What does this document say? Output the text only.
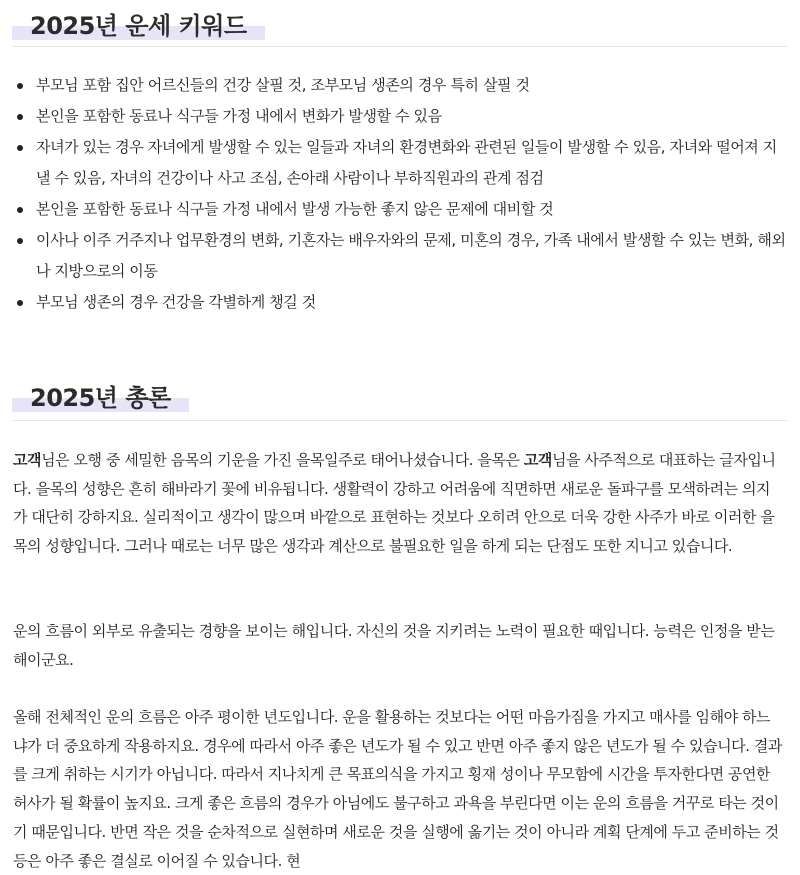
2025년 운세 키워드
부모님 포함 집안 어르신들의 건강 살필 것, 조부모님 생존의 경우 특히 살필 것
본인을 포함한 동료나 식구들 가정 내에서 변화가 발생할 수 있음
자녀가 있는 경우 자녀에게 발생할 수 있는 일들과 자녀의 환경변화와 관련된 일들이 발생할 수 있음, 자녀와 떨어져 지낼 수 있음, 자녀의 건강이나 사고 조심, 손아래 사람이나 부하직원과의 관계 점검
본인을 포함한 동료나 식구들 가정 내에서 발생 가능한 좋지 않은 문제에 대비할 것
이사나 이주 거주지나 업무환경의 변화, 기혼자는 배우자와의 문제, 미혼의 경우, 가족 내에서 발생할 수 있는 변화, 해외나 지방으로의 이동
부모님 생존의 경우 건강을 각별하게 챙길 것
2025년 총론

고객님은 오행 중 세밀한 음목의 기운을 가진 을목일주로 태어나셨습니다. 을목은 고객님을 사주적으로 대표하는 글자입니다. 을목의 성향은 흔히 해바라기 꽃에 비유됩니다. 생활력이 강하고 어려움에 직면하면 새로운 돌파구를 모색하려는 의지가 대단히 강하지요. 실리적이고 생각이 많으며 바깥으로 표현하는 것보다 오히려 안으로 더욱 강한 사주가 바로 이러한 을목의 성향입니다. 그러나 때로는 너무 많은 생각과 계산으로 불필요한 일을 하게 되는 단점도 또한 지니고 있습니다.

운의 흐름이 외부로 유출되는 경향을 보이는 해입니다. 자신의 것을 지키려는 노력이 필요한 때입니다. 능력은 인정을 받는 해이군요.

올해 전체적인 운의 흐름은 아주 평이한 년도입니다. 운을 활용하는 것보다는 어떤 마음가짐을 가지고 매사를 임해야 하느냐가 더 중요하게 작용하지요. 경우에 따라서 아주 좋은 년도가 될 수 있고 반면 아주 좋지 않은 년도가 될 수 있습니다. 결과를 크게 취하는 시기가 아닙니다. 따라서 지나치게 큰 목표의식을 가지고 횡재 성이나 무모함에 시간을 투자한다면 공연한 허사가 될 확률이 높지요. 크게 좋은 흐름의 경우가 아님에도 불구하고 과욕을 부린다면 이는 운의 흐름을 거꾸로 타는 것이기 때문입니다. 반면 작은 것을 순차적으로 실현하며 새로운 것을 실행에 옮기는 것이 아니라 계획 단계에 두고 준비하는 것 등은 아주 좋은 결실로 이어질 수 있습니다. 현
